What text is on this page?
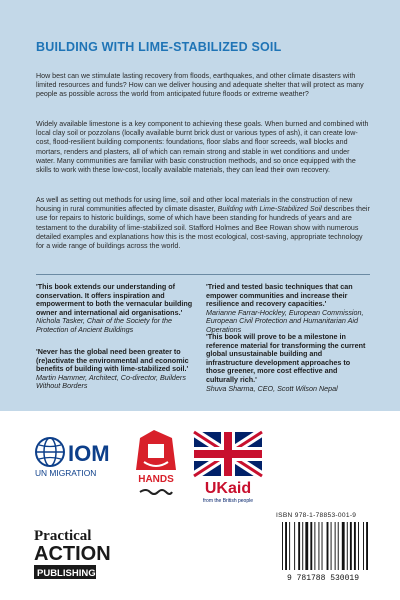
BUILDING WITH LIME-STABILIZED SOIL
How best can we stimulate lasting recovery from floods, earthquakes, and other climate disasters with limited resources and funds? How can we deliver housing and adequate shelter that will protect as many people as possible across the world from anticipated future floods or extreme weather?
Widely available limestone is a key component to achieving these goals. When burned and combined with local clay soil or pozzolans (locally available burnt brick dust or various types of ash), it can create low-cost, flood-resilient building components: foundations, floor slabs and floor screeds, wall blocks and mortars, renders and plasters, all of which can remain strong and stable in wet conditions and under water. Many communities are familiar with basic construction methods, and so once equipped with the skills to work with these low-cost, locally available materials, they can lead their own recovery.
As well as setting out methods for using lime, soil and other local materials in the construction of new housing in rural communities affected by climate disaster, Building with Lime-Stabilized Soil describes their use for repairs to historic buildings, some of which have been standing for hundreds of years and are testament to the durability of lime-stabilized soil. Stafford Holmes and Bee Rowan show with numerous detailed examples and explanations how this is the most ecological, cost-saving, appropriate technology for a wide range of buildings across the world.
'This book extends our understanding of conservation. It offers inspiration and empowerment to both the vernacular building owner and international aid organisations.'
Nichola Tasker, Chair of the Society for the Protection of Ancient Buildings
'Never has the global need been greater to (re)activate the environmental and economic benefits of building with lime-stabilized soil.'
Martin Hammer, Architect, Co-director, Builders Without Borders
'Tried and tested basic techniques that can empower communities and increase their resilience and recovery capacities.'
Marianne Farrar-Hockley, European Commission, European Civil Protection and Humanitarian Aid Operations
'This book will prove to be a milestone in reference material for transforming the current global unsustainable building and infrastructure development approaches to those greener, more cost effective and culturally rich.'
Shuva Sharma, CEO, Scott Wilson Nepal
IOM
UN MIGRATION
HANDS
UKaid
from the British people
Practical
ACTION
PUBLISHING
ISBN 978-1-78853-001-9
9 781788 530019
